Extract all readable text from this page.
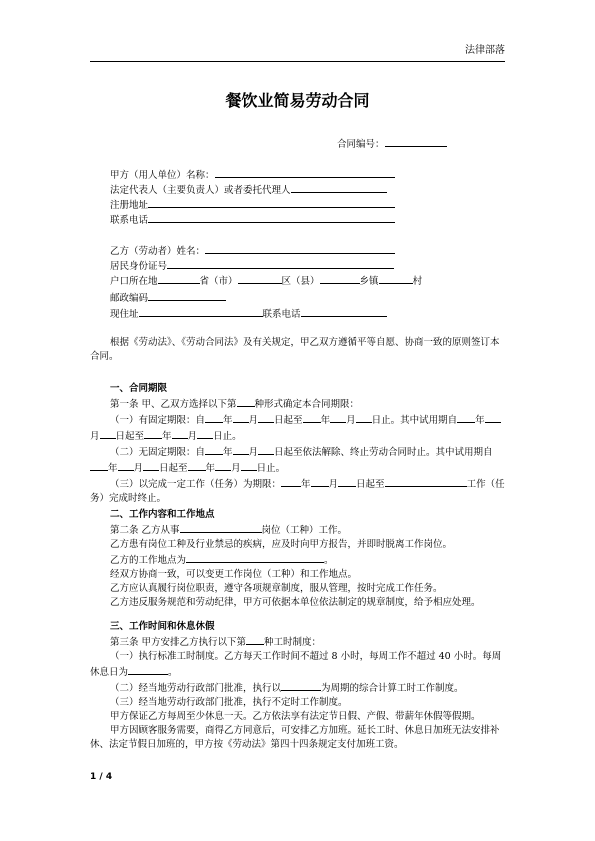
法律部落
餐饮业简易劳动合同
合同编号：
甲方（用人单位）名称：
法定代表人（主要负责人）或者委托代理人
注册地址
联系电话
乙方（劳动者）姓名：
居民身份证号
户口所在地	省（市）	区（县）	乡镇	村
邮政编码
现住址	联系电话

根据《劳动法》、《劳动合同法》及有关规定，甲乙双方遵循平等自愿、协商一致的原则签订本合同。

一、合同期限

第一条 甲、乙双方选择以下第 种形式确定本合同期限：

（一）有固定期限：自 年 月 日起至 年 月 日止。其中试用期自 年月 日起至 年 月 日止。

（二）无固定期限：自 年 月 日起至依法解除、终止劳动合同时止。其中试用期自年 月 日起至 年 月 日止。

（三）以完成一定工作（任务）为期限： 年 月 日起至	工作（任务）完成时终止。

二、工作内容和工作地点

第二条 乙方从事	岗位（工种）工作。

乙方患有岗位工种及行业禁忌的疾病，应及时向甲方报告，并即时脱离工作岗位。

乙方的工作地点为	。

经双方协商一致，可以变更工作岗位（工种）和工作地点。

乙方应认真履行岗位职责，遵守各项规章制度，服从管理，按时完成工作任务。

乙方违反服务规范和劳动纪律，甲方可依据本单位依法制定的规章制度，给予相应处理。

三、工作时间和休息休假

第三条 甲方安排乙方执行以下第 种工时制度：

（一）执行标准工时制度。乙方每天工作时间不超过 8 小时，每周工作不超过 40 小时。每周休息日为	。

（二）经当地劳动行政部门批准，执行以	为周期的综合计算工时工作制度。

（三）经当地劳动行政部门批准，执行不定时工作制度。

甲方保证乙方每周至少休息一天。乙方依法享有法定节日假、产假、带薪年休假等假期。

甲方因顾客服务需要，商得乙方同意后，可安排乙方加班。延长工时、休息日加班无法安排补休、法定节假日加班的，甲方按《劳动法》第四十四条规定支付加班工资。

1 / 4
